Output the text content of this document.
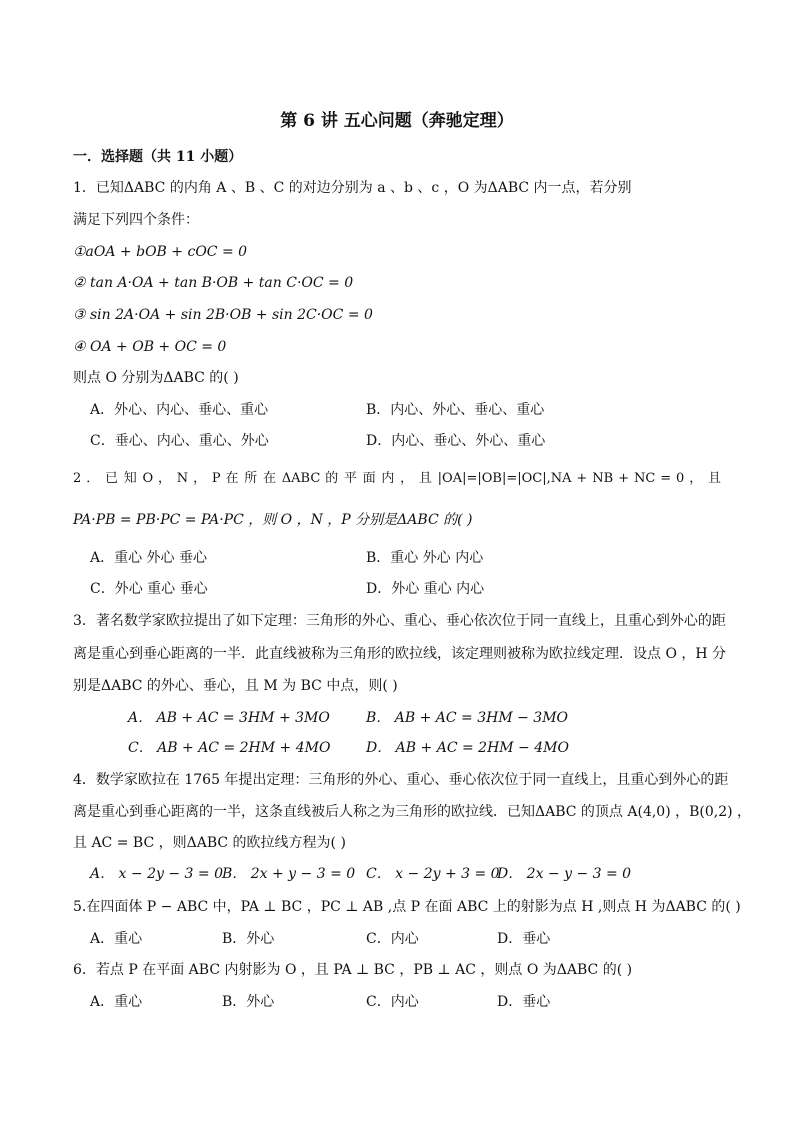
第 6 讲 五心问题（奔驰定理）
一．选择题（共 11 小题）
1．已知ΔABC 的内角 A 、B 、C 的对边分别为 a 、b 、c ，O 为ΔABC 内一点，若分别
满足下列四个条件：
①aOA + bOB + cOC = 0
② tan A·OA + tan B·OB + tan C·OC = 0
③ sin 2A·OA + sin 2B·OB + sin 2C·OC = 0
④ OA + OB + OC = 0
则点 O 分别为ΔABC 的( )
A．外心、内心、垂心、重心	B．内心、外心、垂心、重心
C．垂心、内心、重心、外心	D．内心、垂心、外心、重心
2 ． 已 知 O ， N ， P 在 所 在 ΔABC 的 平 面 内 ， 且 |OA|=|OB|=|OC|,NA + NB + NC = 0 ， 且
PA·PB = PB·PC = PA·PC ，则 O ，N ，P 分别是ΔABC 的( )
A．重心 外心 垂心	B．重心 外心 内心
C．外心 重心 垂心	D．外心 重心 内心
3．著名数学家欧拉提出了如下定理：三角形的外心、重心、垂心依次位于同一直线上，且重心到外心的距
离是重心到垂心距离的一半．此直线被称为三角形的欧拉线，该定理则被称为欧拉线定理．设点 O ，H 分
别是ΔABC 的外心、垂心，且 M 为 BC 中点，则( )
A． AB + AC = 3HM + 3MO	B． AB + AC = 3HM − 3MO
C． AB + AC = 2HM + 4MO	D． AB + AC = 2HM − 4MO
4．数学家欧拉在 1765 年提出定理：三角形的外心、重心、垂心依次位于同一直线上，且重心到外心的距
离是重心到垂心距离的一半，这条直线被后人称之为三角形的欧拉线．已知ΔABC 的顶点 A(4,0) ，B(0,2) ，
且 AC = BC ，则ΔABC 的欧拉线方程为( )
A． x − 2y − 3 = 0 B． 2x + y − 3 = 0 C． x − 2y + 3 = 0
D． 2x − y − 3 = 0
5.在四面体 P − ABC 中，PA ⊥ BC ，PC ⊥ AB ,点 P 在面 ABC 上的射影为点 H ,则点 H 为ΔABC 的( )
A．重心	B．外心	C．内心	D．垂心
6．若点 P 在平面 ABC 内射影为 O ，且 PA ⊥ BC ，PB ⊥ AC ，则点 O 为ΔABC 的( )
A．重心	B．外心	C．内心	D．垂心
